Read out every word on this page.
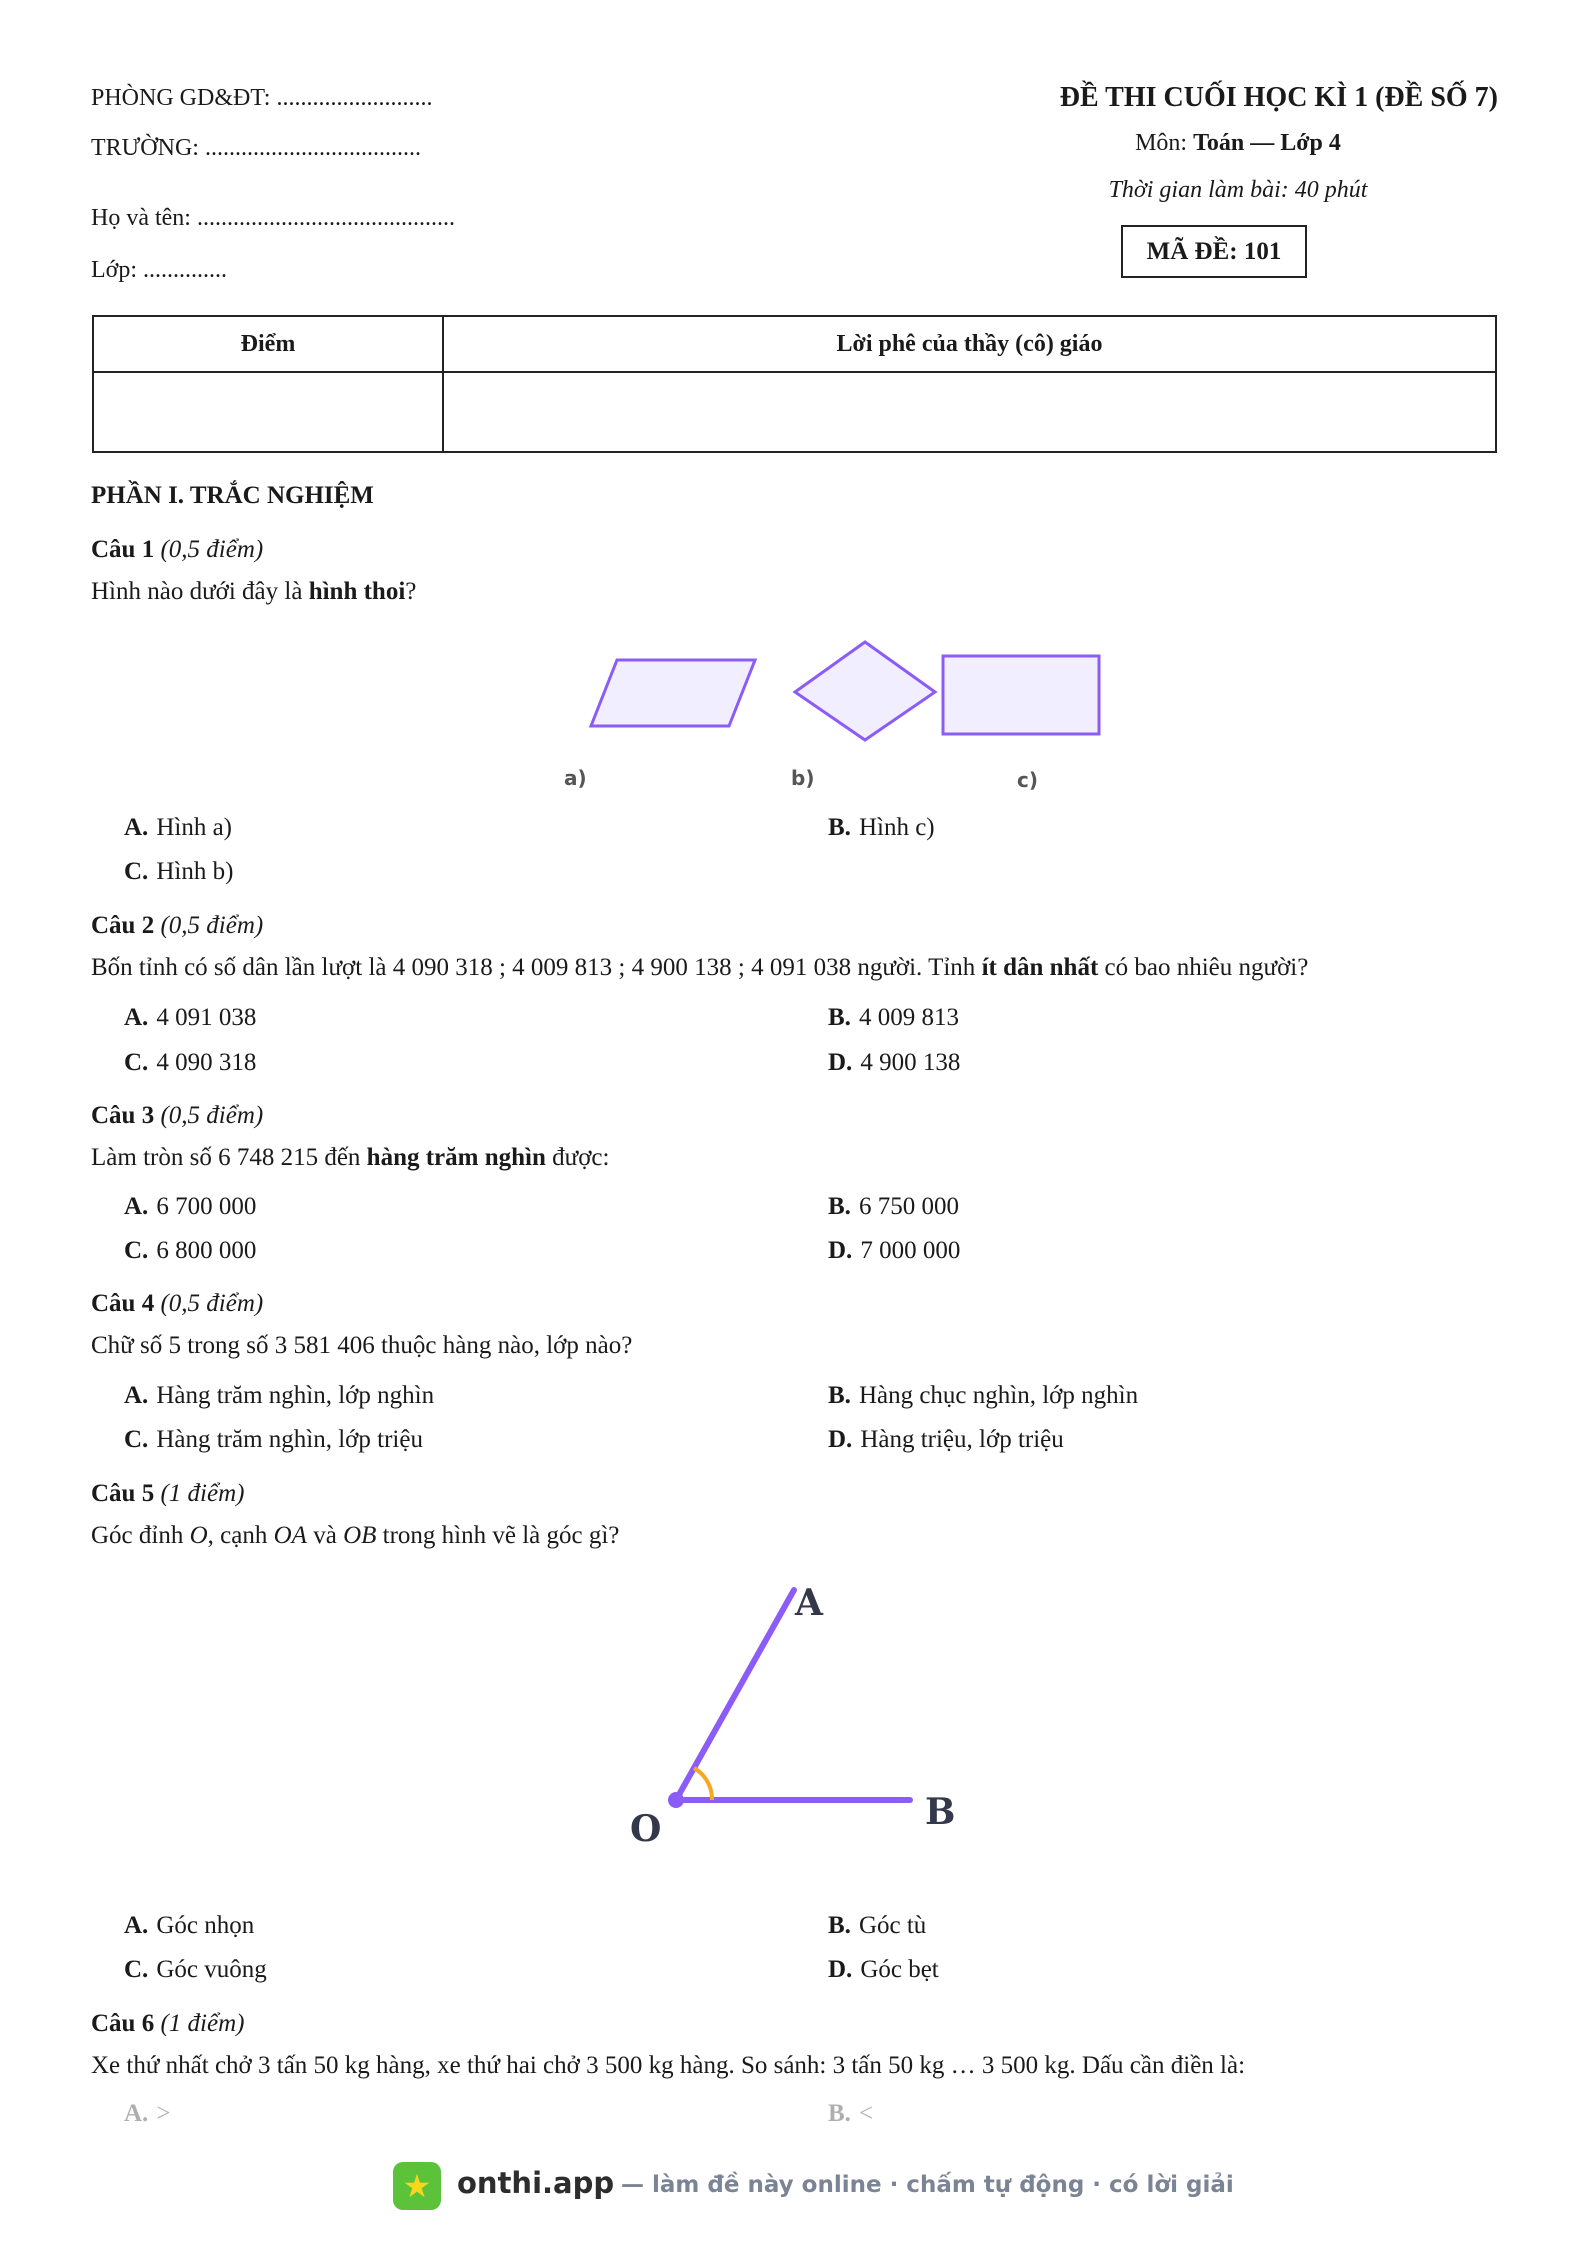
PHÒNG GD&ĐT: ..........................
TRƯỜNG: ....................................
Họ và tên: ...........................................
Lớp: ..............
ĐỀ THI CUỐI HỌC KÌ 1 (ĐỀ SỐ 7)
Môn: Toán — Lớp 4
Thời gian làm bài: 40 phút
MÃ ĐỀ: 101
Điểm	Lời phê của thầy (cô) giáo

PHẦN I. TRẮC NGHIỆM
Câu 1 (0,5 điểm)
Hình nào dưới đây là hình thoi?
a)	b)	c)
A. Hình a)	B. Hình c)
C. Hình b)
Câu 2 (0,5 điểm)
Bốn tỉnh có số dân lần lượt là 4 090 318 ; 4 009 813 ; 4 900 138 ; 4 091 038 người. Tỉnh ít dân nhất có bao nhiêu người?
A. 4 091 038	B. 4 009 813
C. 4 090 318	D. 4 900 138
Câu 3 (0,5 điểm)
Làm tròn số 6 748 215 đến hàng trăm nghìn được:
A. 6 700 000	B. 6 750 000
C. 6 800 000	D. 7 000 000
Câu 4 (0,5 điểm)
Chữ số 5 trong số 3 581 406 thuộc hàng nào, lớp nào?
A. Hàng trăm nghìn, lớp nghìn	B. Hàng chục nghìn, lớp nghìn
C. Hàng trăm nghìn, lớp triệu	D. Hàng triệu, lớp triệu
Câu 5 (1 điểm)
Góc đỉnh O, cạnh OA và OB trong hình vẽ là góc gì?
A
O	B
A. Góc nhọn	B. Góc tù
C. Góc vuông	D. Góc bẹt
Câu 6 (1 điểm)
Xe thứ nhất chở 3 tấn 50 kg hàng, xe thứ hai chở 3 500 kg hàng. So sánh: 3 tấn 50 kg … 3 500 kg. Dấu cần điền là:
A. >	B. <
★ onthi.app — làm đề này online · chấm tự động · có lời giải
